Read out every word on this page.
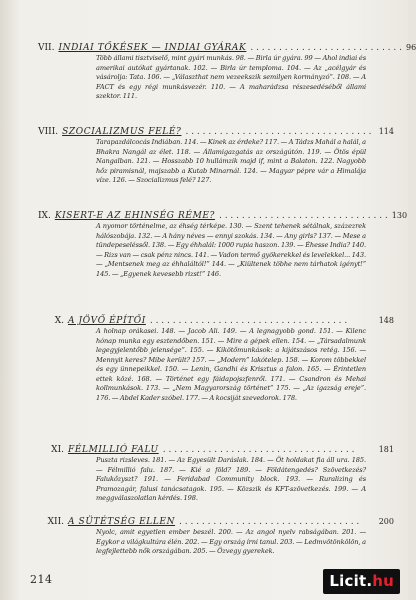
VII. INDIAI TŐKÉSEK — INDIAI GYÁRAK . . . . . . . . . . . . . . . . . . . . . . . . . . . 96
Több állami tisztviselő, mint gyári munkás. 98. — Birla úr gyára. 99 — Ahol indiai és amerikai autókat gyártanak. 102. — Birla úr temploma. 104. — Az „acélgyár és vásárolja: Tata. 106. — „Választhat nem vezeekszik semilyen kormányzó”. 108. — A FACT és egy régi munkásvezér. 110. — A maharádzsa részesedéséből állami szektor. 111.
VIII. SZOCIALIZMUS FELÉ? . . . . . . . . . . . . . . . . . . . . . . . . . . . . . . . . . 114
Tarapazdálcocás Indiában. 114. — Kinek az érdeke? 117. — A Tádzs Mahál a halál, a Bhakra Nangál az élet. 118. — Államigazgatás az országútón. 119. — Ötös épül Nangalban. 121. — Hosszabb 10 hullámzik majd if, mint a Balaton. 122. Nagyobb hőz piramisnál, majszabb a Kutab Minarnál. 124. — Magyar pépre vár a Himalája víze. 126. — Szocializmus felé? 127.
IX. KISERT-E AZ EHINSÉG RÉME? . . . . . . . . . . . . . . . . . . . . . . . . . . . . . . 130
A nyomor történelme, az éhség térképe. 130. — Szent tehenek sétálnak, százezrek hálószobája. 132. — A hány néves — ennyi szokás. 134. — Any girls? 137. — Mese a tündepeseléssől. 138. — Egy éhhalál: 1000 rupia haszon. 139. — Éhesse India? 140. — Rizs van — csak pénz nincs. 141. — Vadon termő gyökerekkel és levelekkel... 143. — „Mentsenek meg az éhhaláltól!” 144. — „Kiültenek töbhe nem tárhatok igényt!” 145. — „Egyenek kevesebb rizst!” 146.
X. A JÖVŐ ÉPÍTŐI . . . . . . . . . . . . . . . . . . . . . . . . . . . . . . . . . . .	148
A holnap orákasei. 148. — Jacob Ali. 149. — A legnagyobb gond. 151. — Kilenc hónap munka egy esztendőben. 151. — Mire a gépek ellen. 154. — „Társadalmunk legegyjelentőbb jelensége”. 155. — Kikötőmunkások: a kijátszásos retég. 156. — Mennyit keres? Mibe került? 157. — „Modern” lakótelep. 158. — Korom többekkel és egy ünnepeikkel. 150. — Lenin, Gandhi és Krisztus a falon. 165. — Érintetlen ettek közé. 168. — Történet egy fáidapojszfenről. 171. — Csandron és Mehai kollmunkások. 173. — „Nem Magyarország történet” 175. — „Az igazság ereje”. 176. — Abdel Kader szóbel. 177. — A kocsiját szevedorok. 178.
XI. FÉLMILLIÓ FALU . . . . . . . . . . . . . . . . . . . . . . . . . . . . . . . . . .	181
Puszta rizsleves. 181. — Az Egyesült Daráslak. 184. — Öt holdakat fia áll ura. 185. — Félmillió falu. 187. — Kié a föld? 189. — Földátengedés? Szövetkezés? Falukőzyszt? 191. — Feridabad Community block. 193. — Ruralizing és Pramozagár, falusi tanácsatagok. 195. — Közszik és KFT-szövetkezés. 199. — A meggválaszolatlan kérdés. 198.
XII. A SÜTÉTSÉG ELLEN . . . . . . . . . . . . . . . . . . . . . . . . . . . . . . . .	200
Nyolc, amit egyetlen ember beszél. 200. — Az angol nyelv rabságában. 201. — Egykor a világkultúra élén. 202. — Egy ország írni tanul. 203. — Ledmvötönkölön, a legfejlettebb nők országában. 205. — Özvegy gyerekek.
214	Licit.hu
